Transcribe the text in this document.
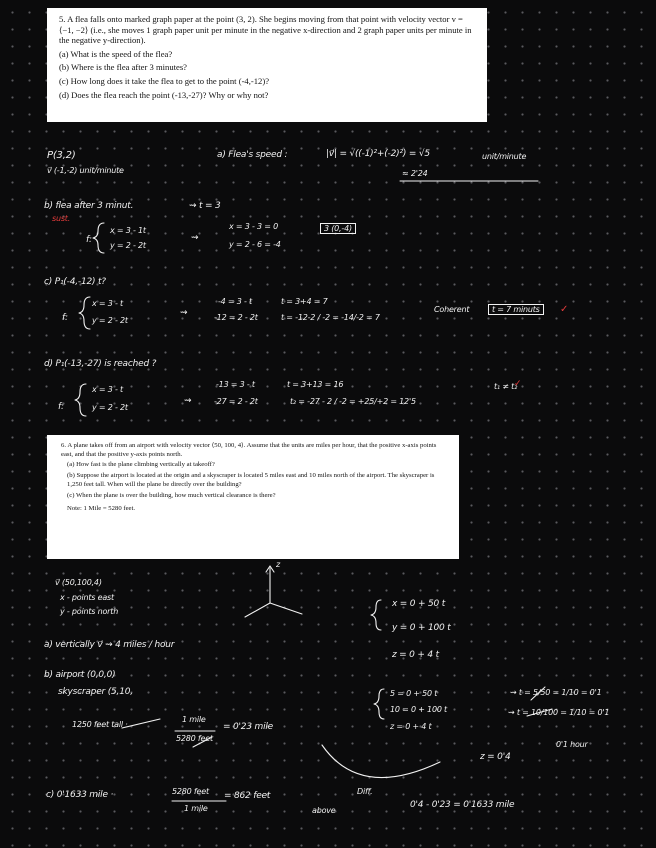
5. A flea falls onto marked graph paper at the point (3, 2). She begins moving from that point with velocity vector v = ⟨−1, −2⟩ (i.e., she moves 1 graph paper unit per minute in the negative x-direction and 2 graph paper units per minute in the negative y-direction).
(a) What is the speed of the flea?
(b) Where is the flea after 3 minutes?
(c) How long does it take the flea to get to the point (-4,-12)?
(d) Does the flea reach the point (-13,-27)? Why or why not?
6. A plane takes off from an airport with velocity vector ⟨50, 100, 4⟩. Assume that the units are miles per hour, that the positive x-axis points east, and that the positive y-axis points north.
(a) How fast is the plane climbing vertically at takeoff?
(b) Suppose the airport is located at the origin and a skyscraper is located 5 miles east and 10 miles north of the airport. The skyscraper is 1,250 feet tall. When will the plane be directly over the building?
(c) When the plane is over the building, how much vertical clearance is there?
Note: 1 Mile = 5280 feet.
P(3,2)
v⃗ (-1,-2) unit/minute
a) Flea's speed :	|v⃗| = √((-1)²+(-2)²) = √5	unit/minute
≈ 2'24
b) flea after 3 minut.
sust.
⇝ t = 3
f:
x = 3 - 1t
y = 2 - 2t
⇝
x = 3 - 3 = 0
y = 2 - 6 = -4
3 (0,-4)
c) P₁(-4,-12) t?
f:
x = 3 - t
y = 2 - 2t
⇝
-4 = 3 - t
-12 = 2 - 2t
t = 3+4 = 7
t = -12-2 / -2 = -14/-2 = 7
Coherent	t = 7 minuts	✓
d) P₁(-13,-27) is reached ?
f:
x = 3 - t
y = 2 - 2t
⇝
-13 = 3 - t
-27 = 2 - 2t
t = 3+13 = 16
t₂ = -27 - 2 / -2 = +25/+2 = 12'5
t₁ ≠ t₂
✓
v⃗ (50,100,4)
x - points east
y - points north
z
a) vertically v⃗ ⇝ 4 miles / hour
x = 0 + 50 t
y = 0 + 100 t
z = 0 + 4 t
b) airport (0,0,0)
skyscraper (5,10,
1250 feet tall ·
1 mile
5280 feet
= 0'23 mile
5 = 0 + 50 t
10 = 0 + 100 t
z = 0 + 4 t
⇝ t = 5/50 = 1/10 = 0'1
⇝ t = 10/100 = 1/10 = 0'1
0'1 hour
z = 0'4
Diff.
c) 0'1633 mile ·	5280 feet
1 mile
= 862 feet
above
0'4 - 0'23 = 0'1633 mile
